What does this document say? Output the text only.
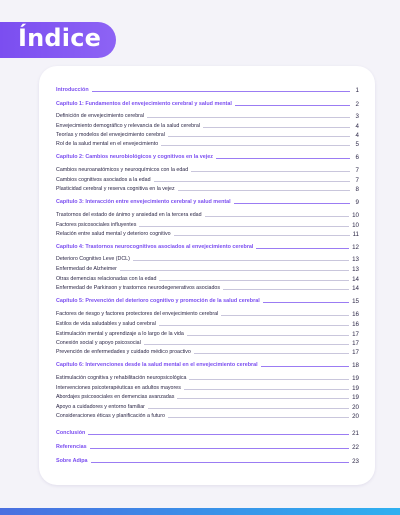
Índice
Introducción	1
Capítulo 1: Fundamentos del envejecimiento cerebral y salud mental	2
Definición de envejecimiento cerebral	3
Envejecimiento demográfico y relevancia de la salud cerebral	4
Teorías y modelos del envejecimiento cerebral	4
Rol de la salud mental en el envejecimiento	5
Capítulo 2: Cambios neurobiológicos y cognitivos en la vejez	6
Cambios neuroanatómicos y neuroquímicos con la edad	7
Cambios cognitivos asociados a la edad	7
Plasticidad cerebral y reserva cognitiva en la vejez	8
Capítulo 3: Interacción entre envejecimiento cerebral y salud mental	9
Trastornos del estado de ánimo y ansiedad en la tercera edad	10
Factores psicosociales influyentes	10
Relación entre salud mental y deterioro cognitivo	11
Capítulo 4: Trastornos neurocognitivos asociados al envejecimiento cerebral	12
Deterioro Cognitivo Leve (DCL)	13
Enfermedad de Alzheimer	13
Otras demencias relacionadas con la edad	14
Enfermedad de Parkinson y trastornos neurodegenerativos asociados	14
Capítulo 5: Prevención del deterioro cognitivo y promoción de la salud cerebral	15
Factores de riesgo y factores protectores del envejecimiento cerebral	16
Estilos de vida saludables y salud cerebral	16
Estimulación mental y aprendizaje a lo largo de la vida	17
Conexión social y apoyo psicosocial	17
Prevención de enfermedades y cuidado médico proactivo	17
Capítulo 6: Intervenciones desde la salud mental en el envejecimiento cerebral	18
Estimulación cognitiva y rehabilitación neuropsicológica	19
Intervenciones psicoterapéuticas en adultos mayores	19
Abordajes psicosociales en demencias avanzadas	19
Apoyo a cuidadores y entorno familiar	20
Consideraciones éticas y planificación a futuro	20
Conclusión	21
Referencias	22
Sobre Adipa	23
